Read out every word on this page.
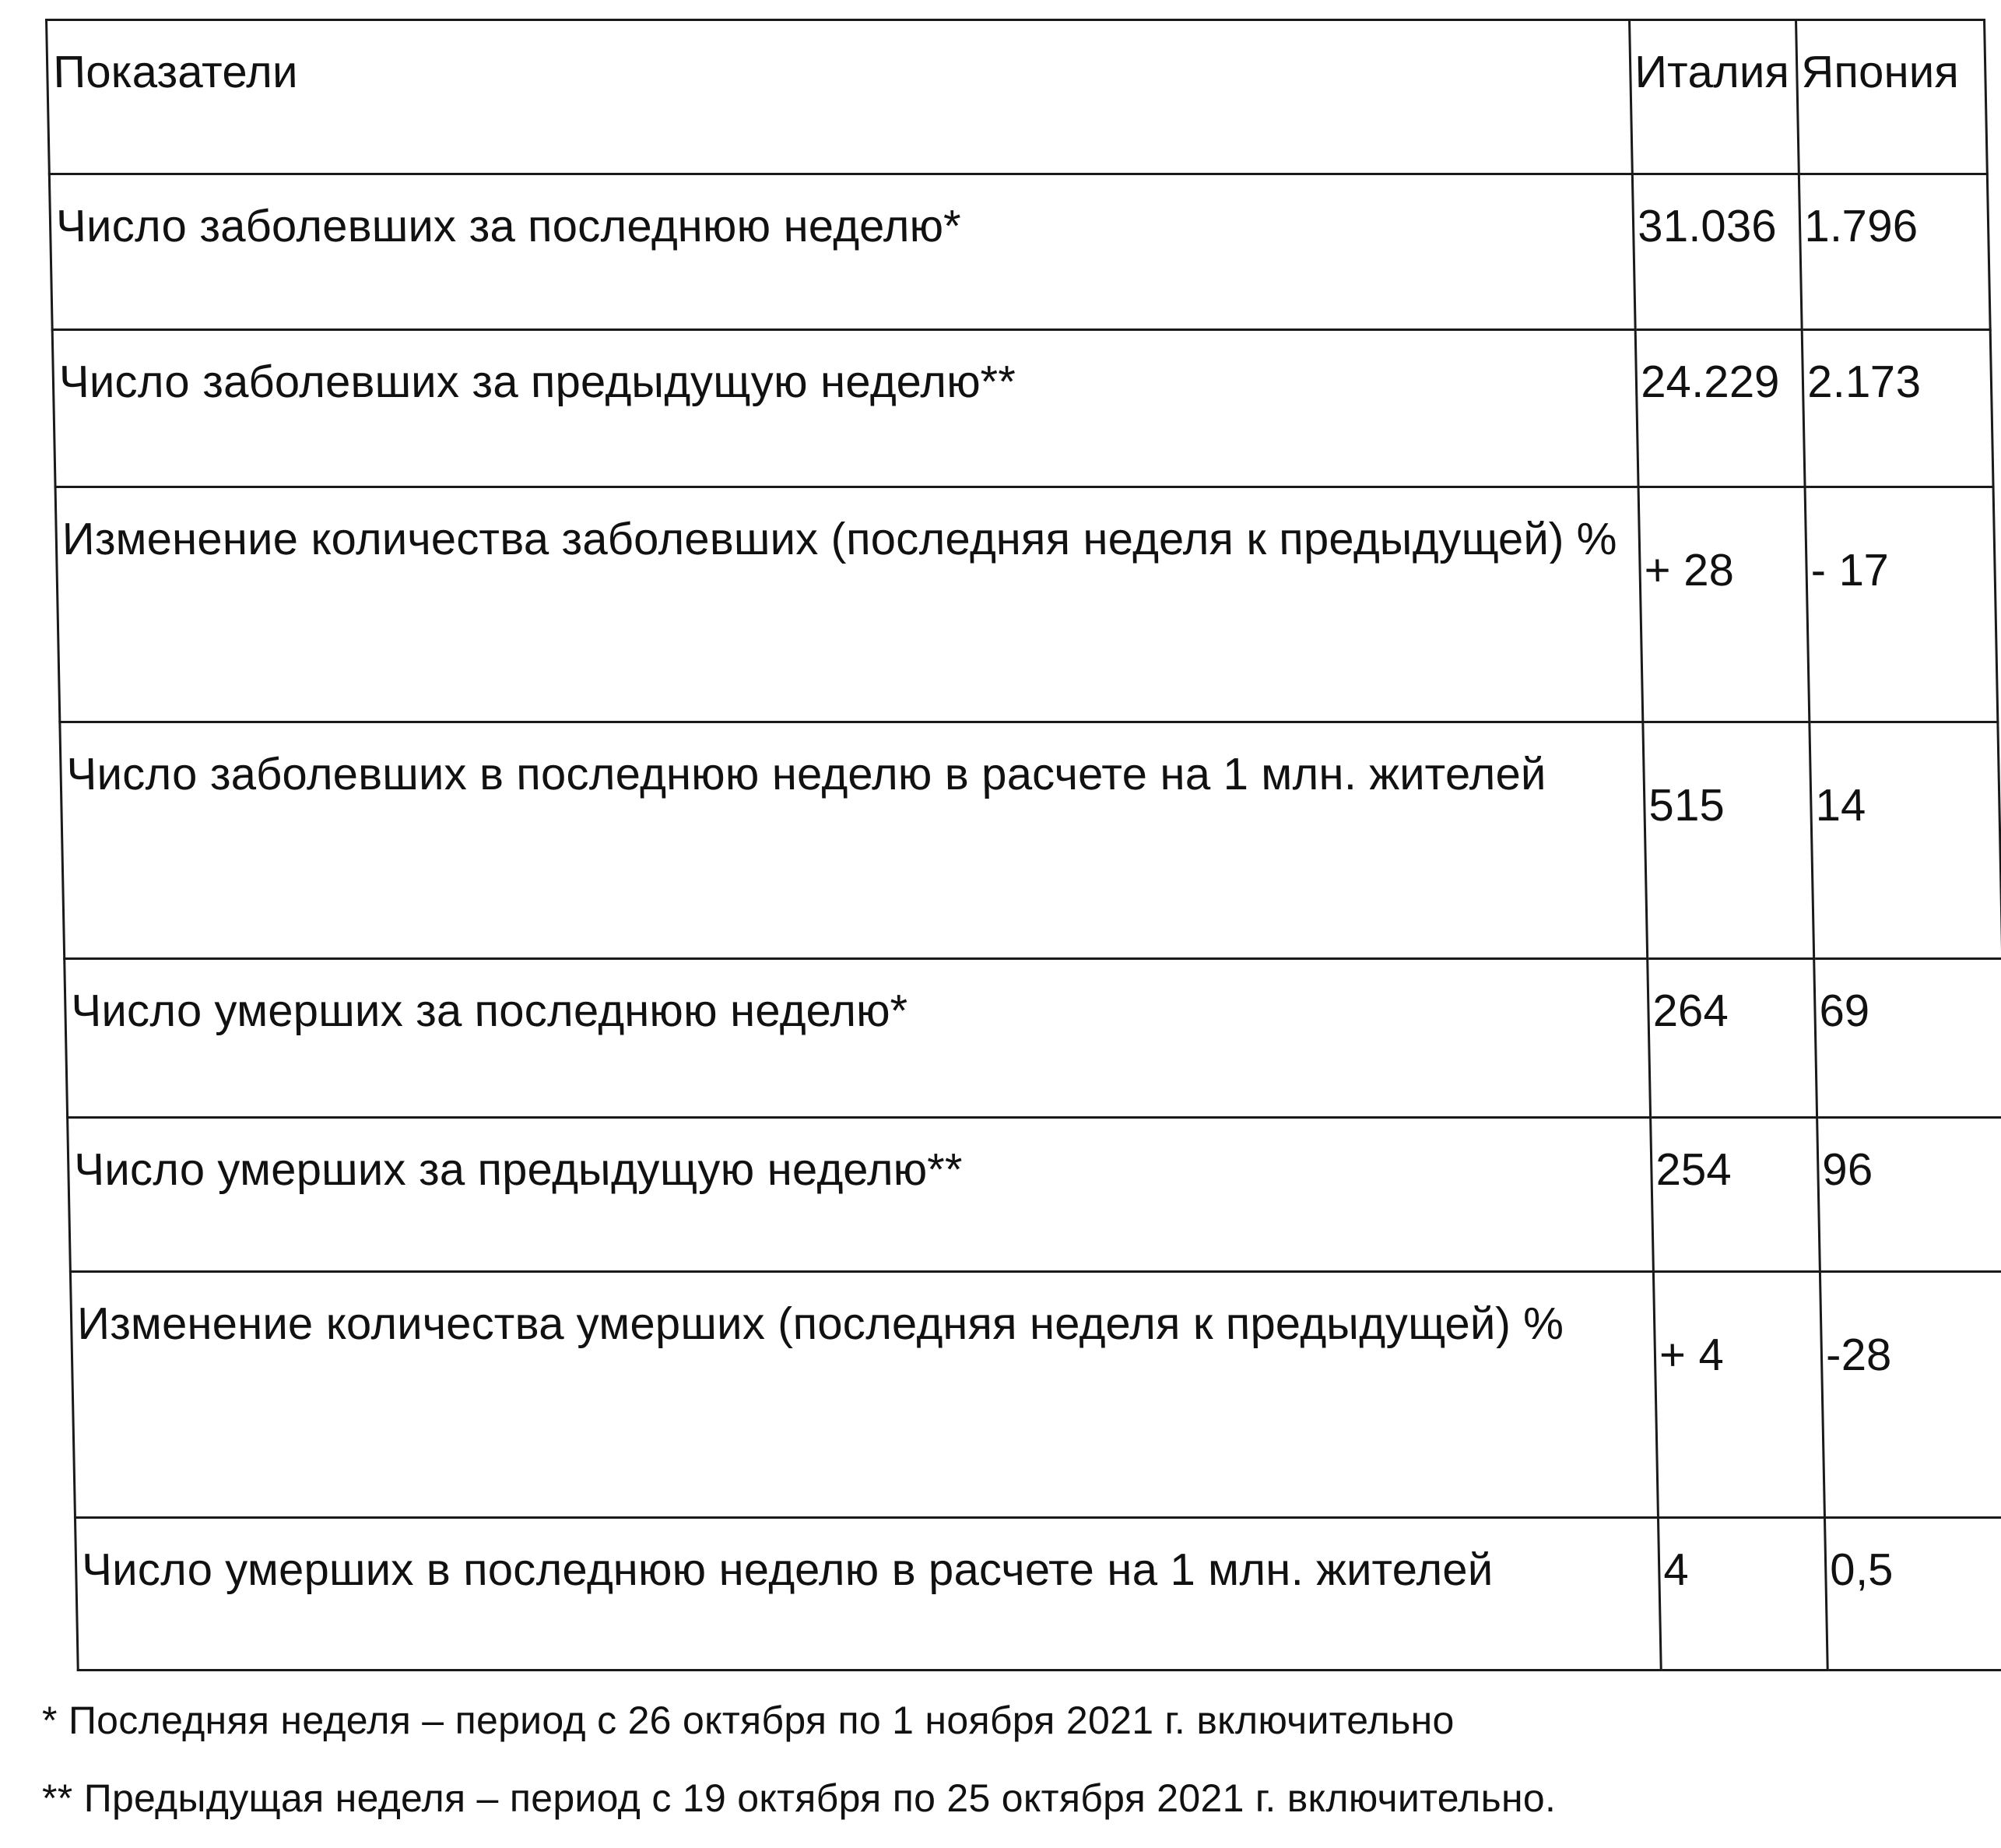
Показатели	Италия	Япония
Число заболевших за последнюю неделю*	31.036	1.796
Число заболевших за предыдущую неделю**	24.229	2.173
Изменение количества заболевших (последняя неделя к предыдущей) %	+ 28	- 17
Число заболевших в последнюю неделю в расчете на 1 млн. жителей	515	14
Число умерших за последнюю неделю*	264	69
Число умерших за предыдущую неделю**	254	96
Изменение количества умерших (последняя неделя к предыдущей) %	+ 4	-28
Число умерших в последнюю неделю в расчете на 1 млн. жителей	4	0,5
* Последняя неделя – период с 26 октября по 1 ноября 2021 г. включительно
** Предыдущая неделя – период с 19 октября по 25 октября 2021 г. включительно.
